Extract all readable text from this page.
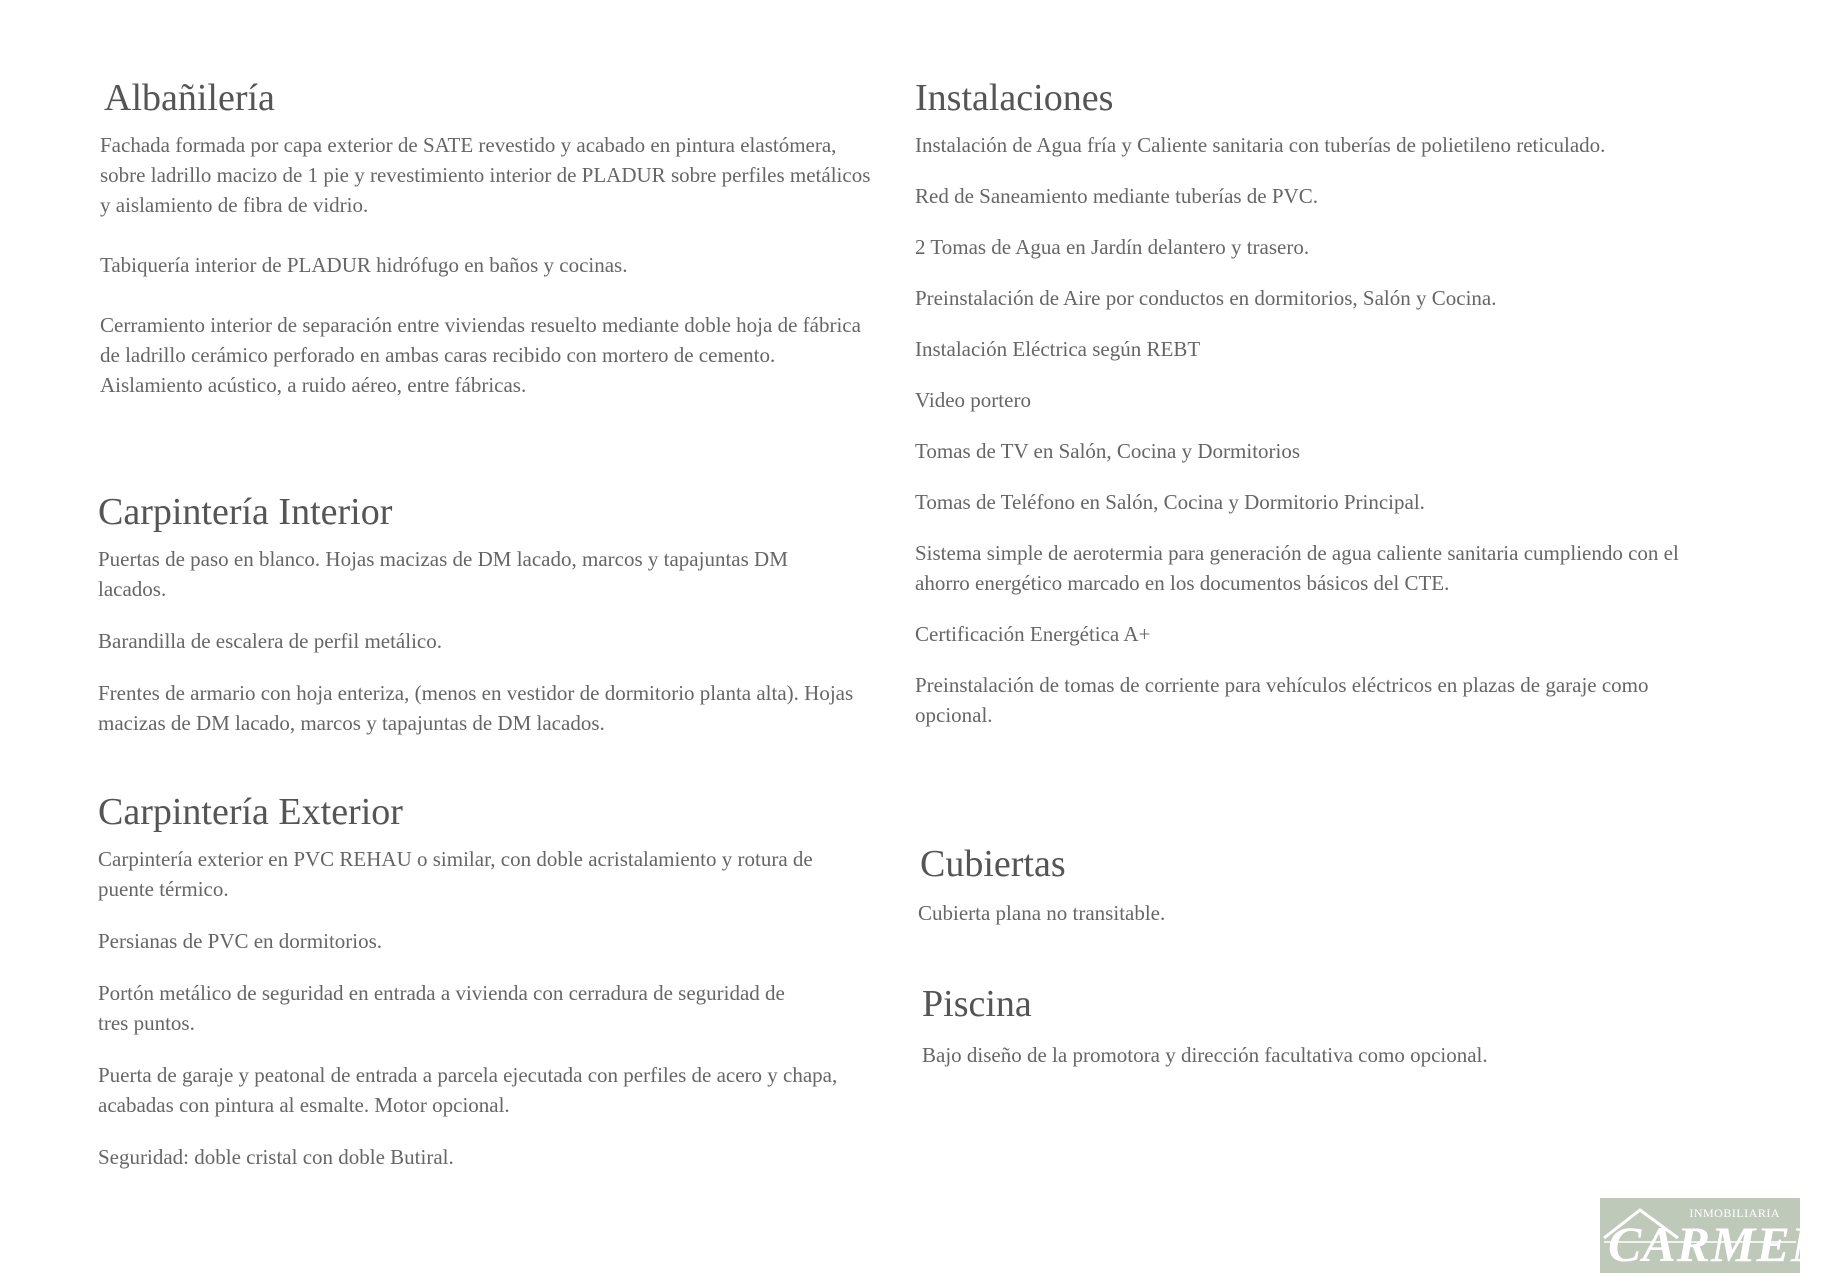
Albañilería

Fachada formada por capa exterior de SATE revestido y acabado en pintura elastómera, sobre ladrillo macizo de 1 pie y revestimiento interior de PLADUR sobre perfiles metálicos y aislamiento de fibra de vidrio.

Tabiquería interior de PLADUR hidrófugo en baños y cocinas.

Cerramiento interior de separación entre viviendas resuelto mediante doble hoja de fábrica de ladrillo cerámico perforado en ambas caras recibido con mortero de cemento. Aislamiento acústico, a ruido aéreo, entre fábricas.

Carpintería Interior

Puertas de paso en blanco. Hojas macizas de DM lacado, marcos y tapajuntas DM lacados.

Barandilla de escalera de perfil metálico.

Frentes de armario con hoja enteriza, (menos en vestidor de dormitorio planta alta). Hojas macizas de DM lacado, marcos y tapajuntas de DM lacados.

Carpintería Exterior

Carpintería exterior en PVC REHAU o similar, con doble acristalamiento y rotura de puente térmico.

Persianas de PVC en dormitorios.

Portón metálico de seguridad en entrada a vivienda con cerradura de seguridad de tres puntos.

Puerta de garaje y peatonal de entrada a parcela ejecutada con perfiles de acero y chapa, acabadas con pintura al esmalte. Motor opcional.

Seguridad: doble cristal con doble Butiral.

Instalaciones

Instalación de Agua fría y Caliente sanitaria con tuberías de polietileno reticulado.

Red de Saneamiento mediante tuberías de PVC.

2 Tomas de Agua en Jardín delantero y trasero.

Preinstalación de Aire por conductos en dormitorios, Salón y Cocina.

Instalación Eléctrica según REBT

Video portero

Tomas de TV en Salón, Cocina y Dormitorios

Tomas de Teléfono en Salón, Cocina y Dormitorio Principal.

Sistema simple de aerotermia para generación de agua caliente sanitaria cumpliendo con el ahorro energético marcado en los documentos básicos del CTE.

Certificación Energética A+

Preinstalación de tomas de corriente para vehículos eléctricos en plazas de garaje como opcional.

Cubiertas

Cubierta plana no transitable.

Piscina

Bajo diseño de la promotora y dirección facultativa como opcional.

INMOBILIARIA
CARMEN
